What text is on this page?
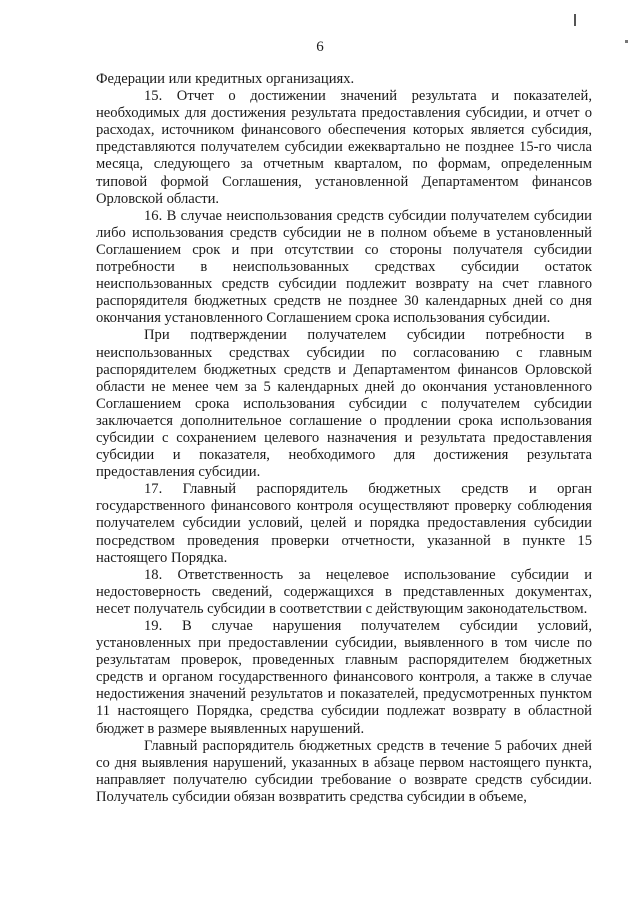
6

Федерации или кредитных организациях.

15. Отчет о достижении значений результата и показателей, необходимых для достижения результата предоставления субсидии, и отчет о расходах, источником финансового обеспечения которых является субсидия, представляются получателем субсидии ежеквартально не позднее 15-го числа месяца, следующего за отчетным кварталом, по формам, определенным типовой формой Соглашения, установленной Департаментом финансов Орловской области.

16. В случае неиспользования средств субсидии получателем субсидии либо использования средств субсидии не в полном объеме в установленный Соглашением срок и при отсутствии со стороны получателя субсидии потребности в неиспользованных средствах субсидии остаток неиспользованных средств субсидии подлежит возврату на счет главного распорядителя бюджетных средств не позднее 30 календарных дней со дня окончания установленного Соглашением срока использования субсидии.

При подтверждении получателем субсидии потребности в неиспользованных средствах субсидии по согласованию с главным распорядителем бюджетных средств и Департаментом финансов Орловской области не менее чем за 5 календарных дней до окончания установленного Соглашением срока использования субсидии с получателем субсидии заключается дополнительное соглашение о продлении срока использования субсидии с сохранением целевого назначения и результата предоставления субсидии и показателя, необходимого для достижения результата предоставления субсидии.

17. Главный распорядитель бюджетных средств и орган государственного финансового контроля осуществляют проверку соблюдения получателем субсидии условий, целей и порядка предоставления субсидии посредством проведения проверки отчетности, указанной в пункте 15 настоящего Порядка.

18. Ответственность за нецелевое использование субсидии и недостоверность сведений, содержащихся в представленных документах, несет получатель субсидии в соответствии с действующим законодательством.

19. В случае нарушения получателем субсидии условий, установленных при предоставлении субсидии, выявленного в том числе по результатам проверок, проведенных главным распорядителем бюджетных средств и органом государственного финансового контроля, а также в случае недостижения значений результатов и показателей, предусмотренных пунктом 11 настоящего Порядка, средства субсидии подлежат возврату в областной бюджет в размере выявленных нарушений.

Главный распорядитель бюджетных средств в течение 5 рабочих дней со дня выявления нарушений, указанных в абзаце первом настоящего пункта, направляет получателю субсидии требование о возврате средств субсидии. Получатель субсидии обязан возвратить средства субсидии в объеме,
